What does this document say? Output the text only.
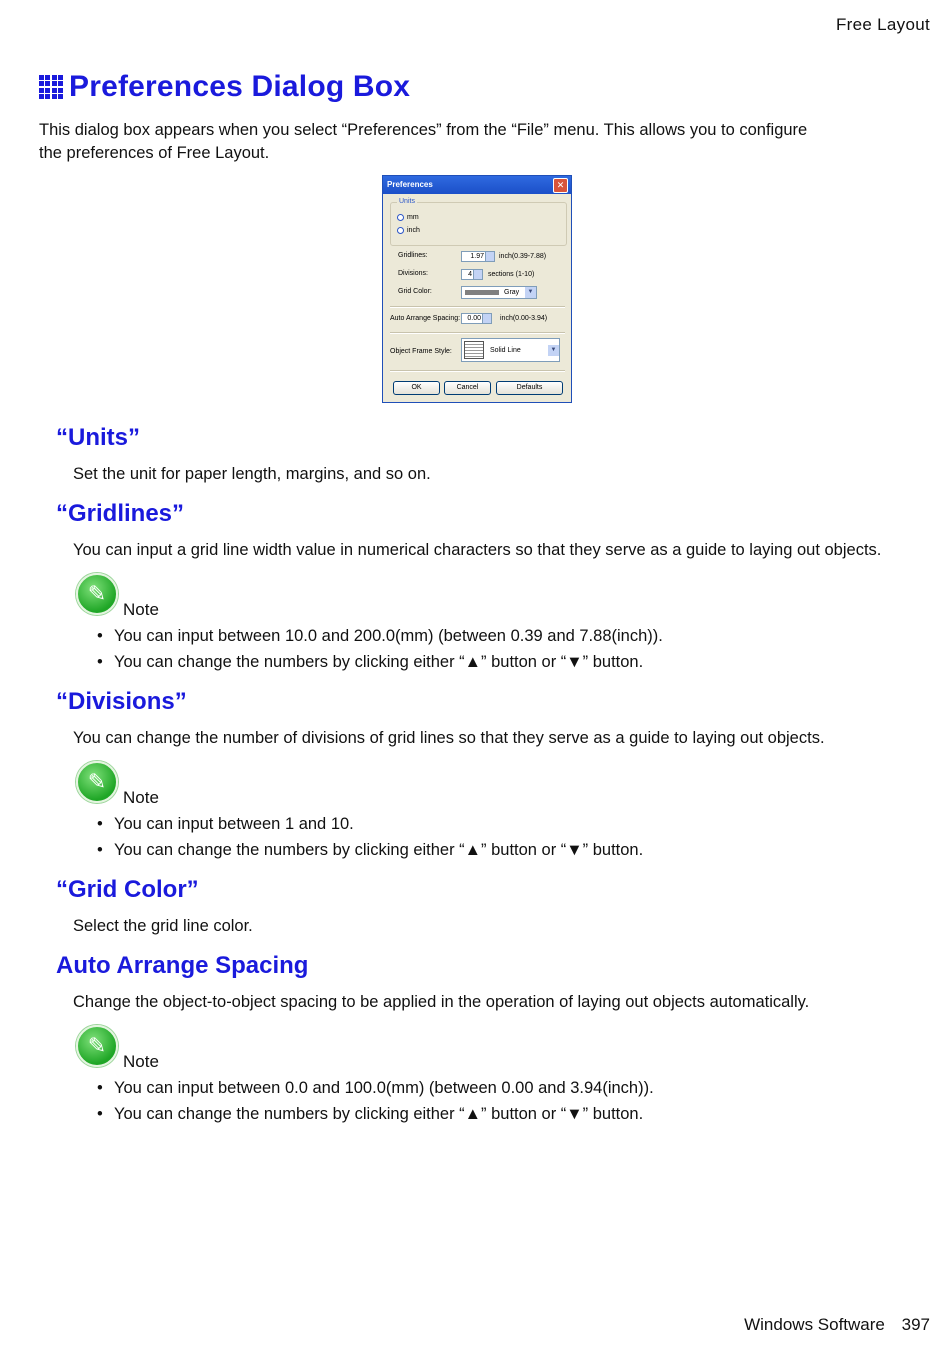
Free Layout
Preferences Dialog Box
This dialog box appears when you select “Preferences” from the “File” menu. This allows you to configure
the preferences of Free Layout.
Preferences	✕
Units
mm
inch
Gridlines:	1.97	inch(0.39-7.88)
Divisions:	4	sections (1-10)
Grid Color:	Gray	▼
Auto Arrange Spacing:	0.00	inch(0.00-3.94)
Object Frame Style:	Solid Line	▼
OK	Cancel	Defaults
“Units”
Set the unit for paper length, margins, and so on.
“Gridlines”
You can input a grid line width value in numerical characters so that they serve as a guide to laying out objects.
✎
Note
• You can input between 10.0 and 200.0(mm) (between 0.39 and 7.88(inch)).
• You can change the numbers by clicking either “▲” button or “▼” button.
“Divisions”
You can change the number of divisions of grid lines so that they serve as a guide to laying out objects.
✎
Note
• You can input between 1 and 10.
• You can change the numbers by clicking either “▲” button or “▼” button.
“Grid Color”
Select the grid line color.
Auto Arrange Spacing
Change the object-to-object spacing to be applied in the operation of laying out objects automatically.
✎
Note
• You can input between 0.0 and 100.0(mm) (between 0.00 and 3.94(inch)).
• You can change the numbers by clicking either “▲” button or “▼” button.
Windows Software 397
